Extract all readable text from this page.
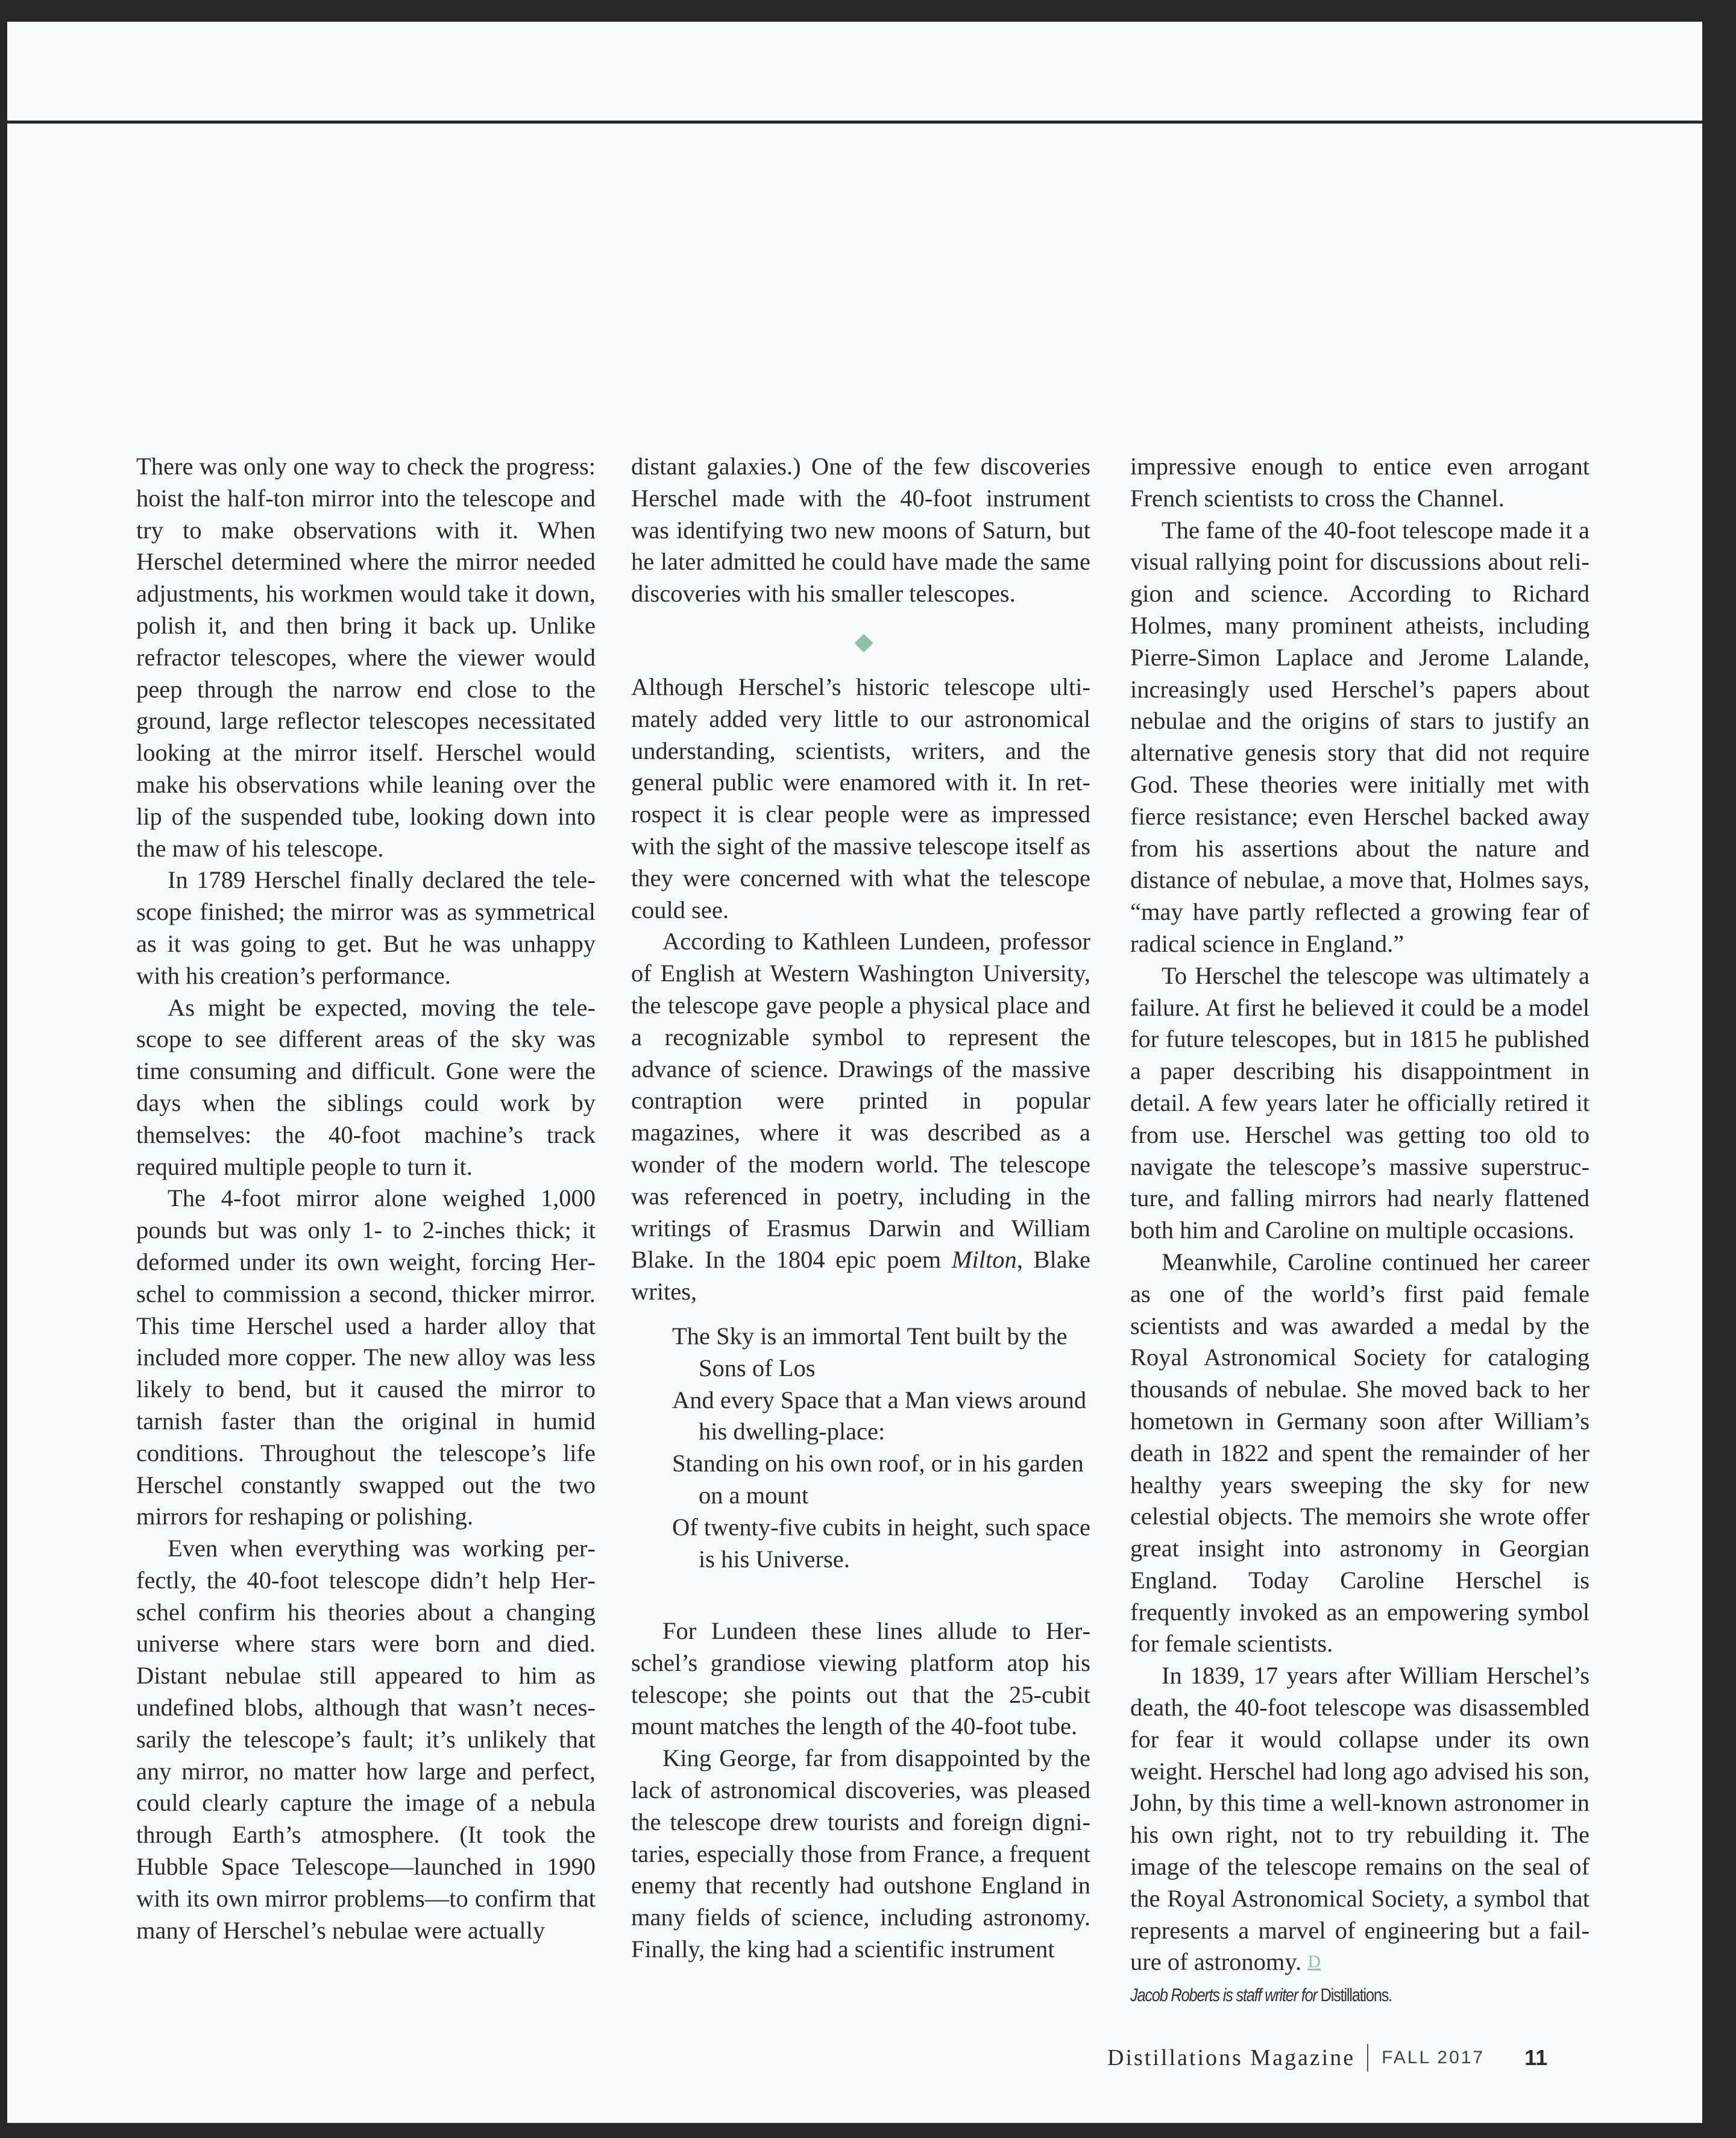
There was only one way to check the progress: hoist the half-ton mirror into the telescope and try to make observations with it. When Herschel determined where the mirror needed adjustments, his workmen would take it down, polish it, and then bring it back up. Unlike refractor telescopes, where the viewer would peep through the narrow end close to the ground, large reflector telescopes necessitated looking at the mirror itself. Herschel would make his observations while leaning over the lip of the suspended tube, looking down into the maw of his telescope.

In 1789 Herschel finally declared the telescope finished; the mirror was as symmetrical as it was going to get. But he was unhappy with his creation’s performance.

As might be expected, moving the telescope to see different areas of the sky was time consuming and difficult. Gone were the days when the siblings could work by themselves: the 40-foot machine’s track required multiple people to turn it.

The 4-foot mirror alone weighed 1,000 pounds but was only 1- to 2-inches thick; it deformed under its own weight, forcing Herschel to commission a second, thicker mirror. This time Herschel used a harder alloy that included more copper. The new alloy was less likely to bend, but it caused the mirror to tarnish faster than the original in humid conditions. Throughout the telescope’s life Herschel constantly swapped out the two mirrors for reshaping or polishing.

Even when everything was working perfectly, the 40-foot telescope didn’t help Herschel confirm his theories about a changing universe where stars were born and died. Distant nebulae still appeared to him as undefined blobs, although that wasn’t necessarily the telescope’s fault; it’s unlikely that any mirror, no matter how large and perfect, could clearly capture the image of a nebula through Earth’s atmosphere. (It took the Hubble Space Telescope—launched in 1990 with its own mirror problems—to confirm that many of Herschel’s nebulae were actually

distant galaxies.) One of the few discoveries Herschel made with the 40-foot instrument was identifying two new moons of Saturn, but he later admitted he could have made the same discoveries with his smaller telescopes.

Although Herschel’s historic telescope ultimately added very little to our astronomical understanding, scientists, writers, and the general public were enamored with it. In retrospect it is clear people were as impressed with the sight of the massive telescope itself as they were concerned with what the telescope could see.

According to Kathleen Lundeen, professor of English at Western Washington University, the telescope gave people a physical place and a recognizable symbol to represent the advance of science. Drawings of the massive contraption were printed in popular magazines, where it was described as a wonder of the modern world. The telescope was referenced in poetry, including in the writings of Erasmus Darwin and William Blake. In the 1804 epic poem Milton, Blake writes,

The Sky is an immortal Tent built by the Sons of Los
And every Space that a Man views around his dwelling-place:
Standing on his own roof, or in his garden on a mount
Of twenty-five cubits in height, such space is his Universe.

For Lundeen these lines allude to Herschel’s grandiose viewing platform atop his telescope; she points out that the 25-cubit mount matches the length of the 40-foot tube.

King George, far from disappointed by the lack of astronomical discoveries, was pleased the telescope drew tourists and foreign dignitaries, especially those from France, a frequent enemy that recently had outshone England in many fields of science, including astronomy. Finally, the king had a scientific instrument

impressive enough to entice even arrogant French scientists to cross the Channel.

The fame of the 40-foot telescope made it a visual rallying point for discussions about religion and science. According to Richard Holmes, many prominent atheists, including Pierre-Simon Laplace and Jerome Lalande, increasingly used Herschel’s papers about nebulae and the origins of stars to justify an alternative genesis story that did not require God. These theories were initially met with fierce resistance; even Herschel backed away from his assertions about the nature and distance of nebulae, a move that, Holmes says, “may have partly reflected a growing fear of radical science in England.”

To Herschel the telescope was ultimately a failure. At first he believed it could be a model for future telescopes, but in 1815 he published a paper describing his disappointment in detail. A few years later he officially retired it from use. Herschel was getting too old to navigate the telescope’s massive superstructure, and falling mirrors had nearly flattened both him and Caroline on multiple occasions.

Meanwhile, Caroline continued her career as one of the world’s first paid female scientists and was awarded a medal by the Royal Astronomical Society for cataloging thousands of nebulae. She moved back to her hometown in Germany soon after William’s death in 1822 and spent the remainder of her healthy years sweeping the sky for new celestial objects. The memoirs she wrote offer great insight into astronomy in Georgian England. Today Caroline Herschel is frequently invoked as an empowering symbol for female scientists.

In 1839, 17 years after William Herschel’s death, the 40-foot telescope was disassembled for fear it would collapse under its own weight. Herschel had long ago advised his son, John, by this time a well-known astronomer in his own right, not to try rebuilding it. The image of the telescope remains on the seal of the Royal Astronomical Society, a symbol that represents a marvel of engineering but a failure of astronomy. D

Jacob Roberts is staff writer for Distillations.
Distillations Magazine FALL 2017 11
